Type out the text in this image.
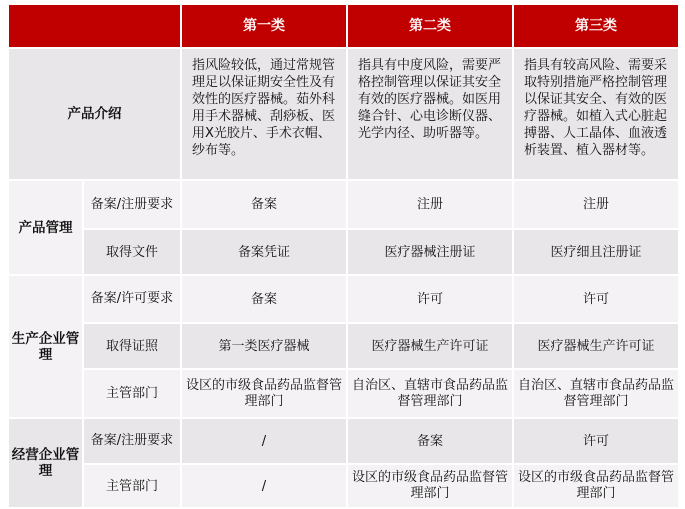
		第一类	第二类	第三类
产品介绍		指风险较低，通过常规管理足以保证期安全性及有效性的医疗器械。茹外科用手术器械、刮痧板、医用X光胶片、手术衣帽、纱布等。	指具有中度风险，需要严格控制管理以保证其安全有效的医疗器械。如医用缝合针、心电诊断仪器、光学内径、助听器等。	指具有较高风险、需要采取特别措施严格控制管理以保证其安全、有效的医疗器械。如植入式心脏起搏器、人工晶体、血液透析装置、植入器材等。
产品管理	备案/注册要求	备案	注册	注册
	取得文件	备案凭证	医疗器械注册证	医疗细且注册证
生产企业管理	备案/许可要求	备案	许可	许可
	取得证照	第一类医疗器械	医疗器械生产许可证	医疗器械生产许可证
	主管部门	设区的市级食品药品监督管理部门	自治区、直辖市食品药品监督管理部门	自治区、直辖市食品药品监督管理部门
经营企业管理	备案/注册要求	/	备案	许可
	主管部门	/	设区的市级食品药品监督管理部门	设区的市级食品药品监督管理部门
